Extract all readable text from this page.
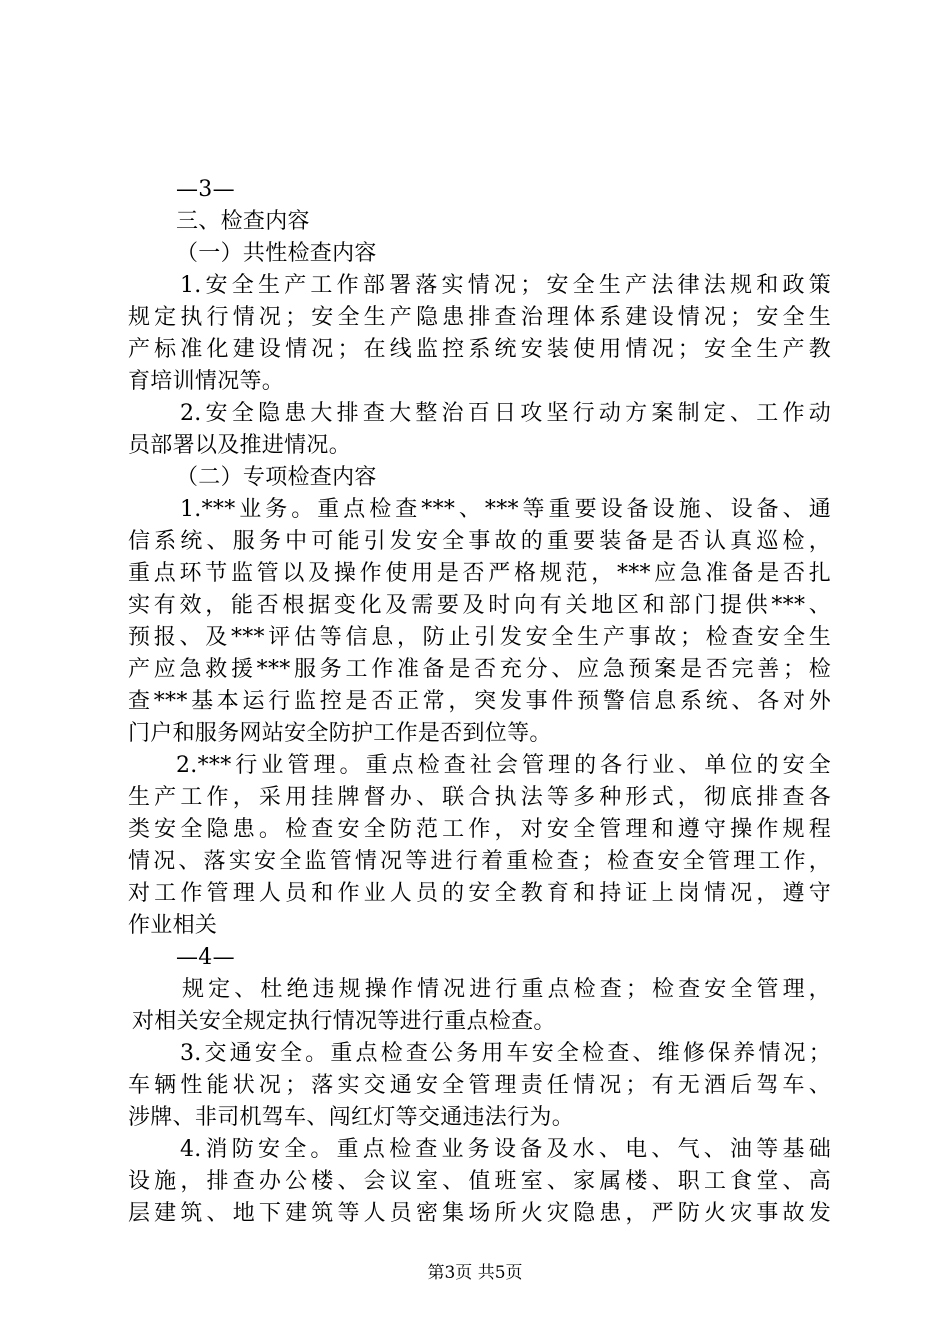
—3—
三、检查内容
（一）共性检查内容
1.安全生产工作部署落实情况；安全生产法律法规和政策
规定执行情况；安全生产隐患排查治理体系建设情况；安全生
产标准化建设情况；在线监控系统安装使用情况；安全生产教
育培训情况等。
2.安全隐患大排查大整治百日攻坚行动方案制定、工作动
员部署以及推进情况。
（二）专项检查内容
1.***业务。重点检查***、***等重要设备设施、设备、通
信系统、服务中可能引发安全事故的重要装备是否认真巡检，
重点环节监管以及操作使用是否严格规范，***应急准备是否扎
实有效，能否根据变化及需要及时向有关地区和部门提供***、
预报、及***评估等信息，防止引发安全生产事故；检查安全生
产应急救援***服务工作准备是否充分、应急预案是否完善；检
查***基本运行监控是否正常，突发事件预警信息系统、各对外
门户和服务网站安全防护工作是否到位等。
2.***行业管理。重点检查社会管理的各行业、单位的安全
生产工作，采用挂牌督办、联合执法等多种形式，彻底排查各
类安全隐患。检查安全防范工作，对安全管理和遵守操作规程
情况、落实安全监管情况等进行着重检查；检查安全管理工作，
对工作管理人员和作业人员的安全教育和持证上岗情况，遵守
作业相关
—4—
规定、杜绝违规操作情况进行重点检查；检查安全管理，
对相关安全规定执行情况等进行重点检查。
3.交通安全。重点检查公务用车安全检查、维修保养情况；
车辆性能状况；落实交通安全管理责任情况；有无酒后驾车、
涉牌、非司机驾车、闯红灯等交通违法行为。
4.消防安全。重点检查业务设备及水、电、气、油等基础
设施，排查办公楼、会议室、值班室、家属楼、职工食堂、高
层建筑、地下建筑等人员密集场所火灾隐患，严防火灾事故发
第3页 共5页
